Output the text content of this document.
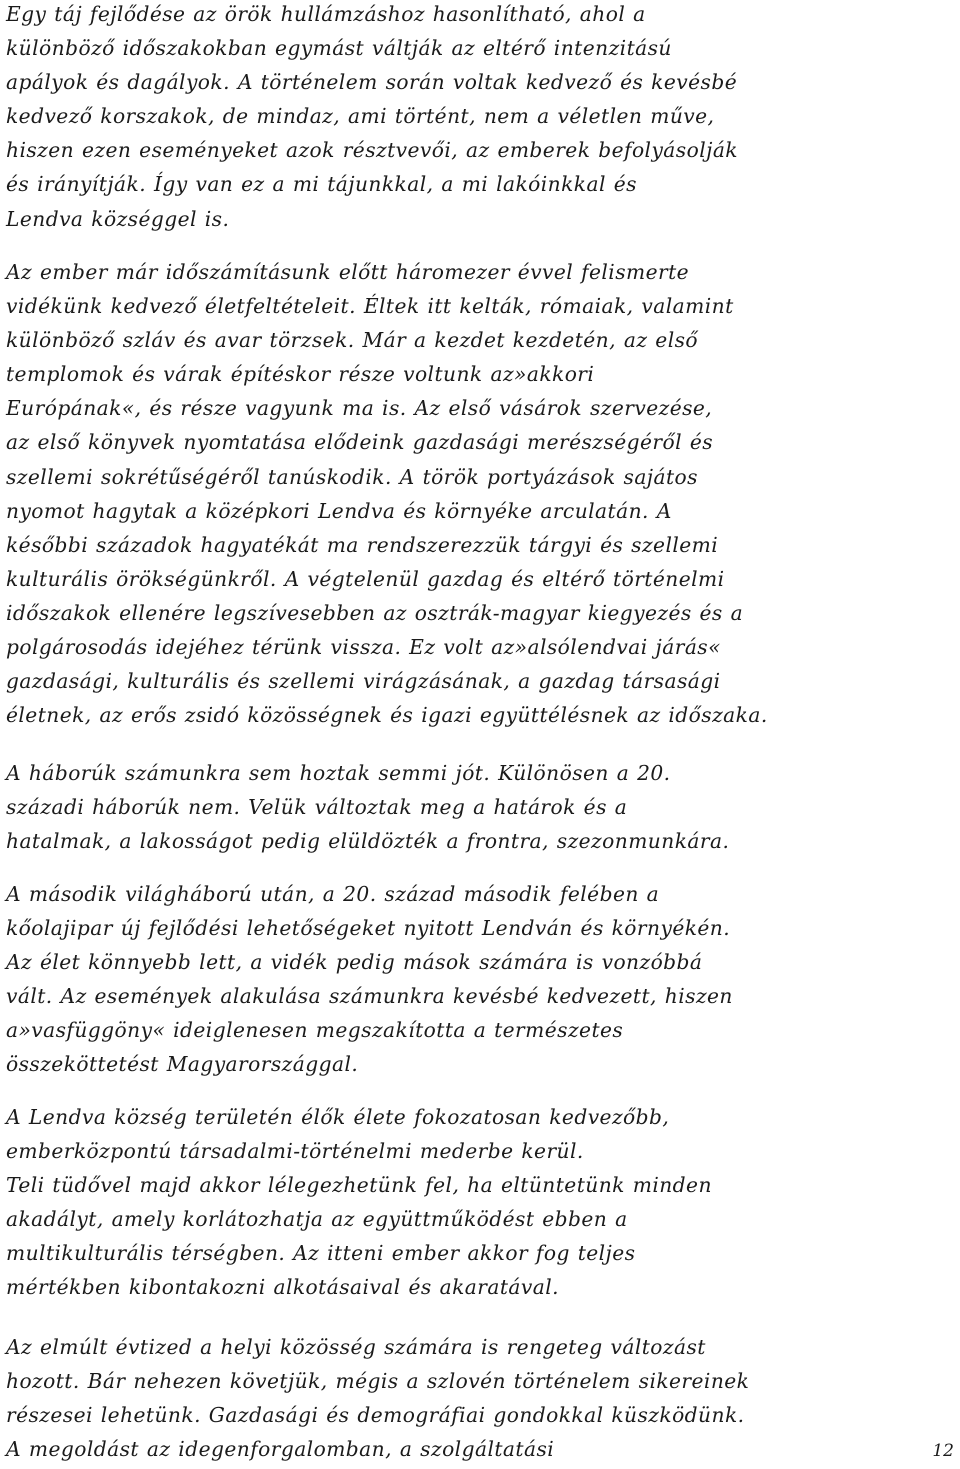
Egy táj fejlődése az örök hullámzáshoz hasonlítható, ahol a
különböző időszakokban egymást váltják az eltérő intenzitású
apályok és dagályok. A történelem során voltak kedvező és kevésbé
kedvező korszakok, de mindaz, ami történt, nem a véletlen műve,
hiszen ezen eseményeket azok résztvevői, az emberek befolyásolják
és irányítják. Így van ez a mi tájunkkal, a mi lakóinkkal és
Lendva községgel is.

Az ember már időszámításunk előtt háromezer évvel felismerte
vidékünk kedvező életfeltételeit. Éltek itt kelták, rómaiak, valamint
különböző szláv és avar törzsek. Már a kezdet kezdetén, az első
templomok és várak építéskor része voltunk az»akkori
Európának«, és része vagyunk ma is. Az első vásárok szervezése,
az első könyvek nyomtatása elődeink gazdasági merészségéről és
szellemi sokrétűségéről tanúskodik. A török portyázások sajátos
nyomot hagytak a középkori Lendva és környéke arculatán. A
későbbi századok hagyatékát ma rendszerezzük tárgyi és szellemi
kulturális örökségünkről. A végtelenül gazdag és eltérő történelmi
időszakok ellenére legszívesebben az osztrák-magyar kiegyezés és a
polgárosodás idejéhez térünk vissza. Ez volt az»alsólendvai járás«
gazdasági, kulturális és szellemi virágzásának, a gazdag társasági
életnek, az erős zsidó közösségnek és igazi együttélésnek az időszaka.

A háborúk számunkra sem hoztak semmi jót. Különösen a 20.
századi háborúk nem. Velük változtak meg a határok és a
hatalmak, a lakosságot pedig elüldözték a frontra, szezonmunkára.

A második világháború után, a 20. század második felében a
kőolajipar új fejlődési lehetőségeket nyitott Lendván és környékén.
Az élet könnyebb lett, a vidék pedig mások számára is vonzóbbá
vált. Az események alakulása számunkra kevésbé kedvezett, hiszen
a»vasfüggöny« ideiglenesen megszakította a természetes
összeköttetést Magyarországgal.

A Lendva község területén élők élete fokozatosan kedvezőbb,
emberközpontú társadalmi-történelmi mederbe kerül.
Teli tüdővel majd akkor lélegezhetünk fel, ha eltüntetünk minden
akadályt, amely korlátozhatja az együttműködést ebben a
multikulturális térségben. Az itteni ember akkor fog teljes
mértékben kibontakozni alkotásaival és akaratával.

Az elmúlt évtized a helyi közösség számára is rengeteg változást
hozott. Bár nehezen követjük, mégis a szlovén történelem sikereinek
részesei lehetünk. Gazdasági és demográfiai gondokkal küszködünk.
A megoldást az idegenforgalomban, a szolgáltatási	12
